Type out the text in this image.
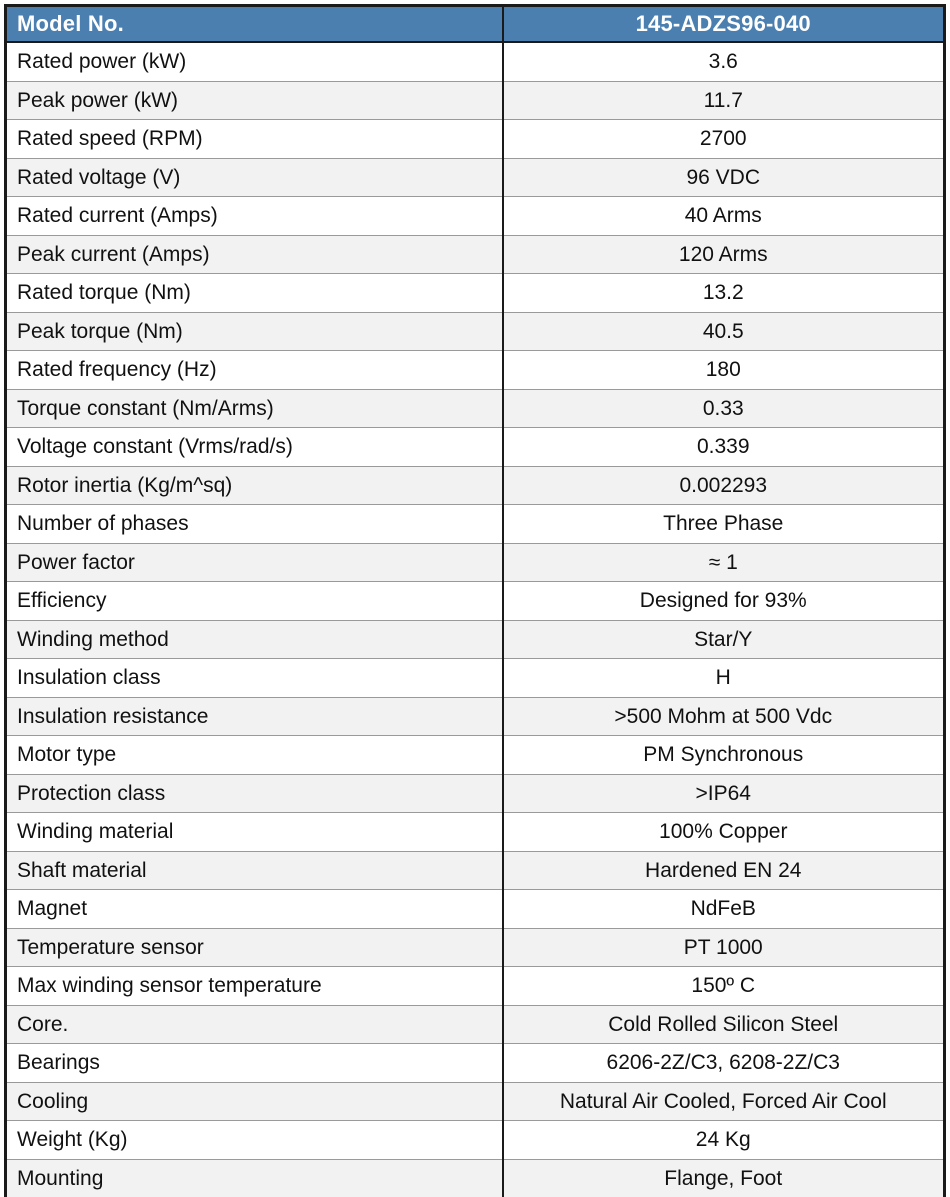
Model No.	145-ADZS96-040
Rated power (kW)	3.6
Peak power (kW)	11.7
Rated speed (RPM)	2700
Rated voltage (V)	96 VDC
Rated current (Amps)	40 Arms
Peak current (Amps)	120 Arms
Rated torque (Nm)	13.2
Peak torque (Nm)	40.5
Rated frequency (Hz)	180
Torque constant (Nm/Arms)	0.33
Voltage constant (Vrms/rad/s)	0.339
Rotor inertia (Kg/m^sq)	0.002293
Number of phases	Three Phase
Power factor	≈ 1
Efficiency	Designed for 93%
Winding method	Star/Y
Insulation class	H
Insulation resistance	>500 Mohm at 500 Vdc
Motor type	PM Synchronous
Protection class	>IP64
Winding material	100% Copper
Shaft material	Hardened EN 24
Magnet	NdFeB
Temperature sensor	PT 1000
Max winding sensor temperature	150º C
Core.	Cold Rolled Silicon Steel
Bearings	6206-2Z/C3, 6208-2Z/C3
Cooling	Natural Air Cooled, Forced Air Cool
Weight (Kg)	24 Kg
Mounting	Flange, Foot
